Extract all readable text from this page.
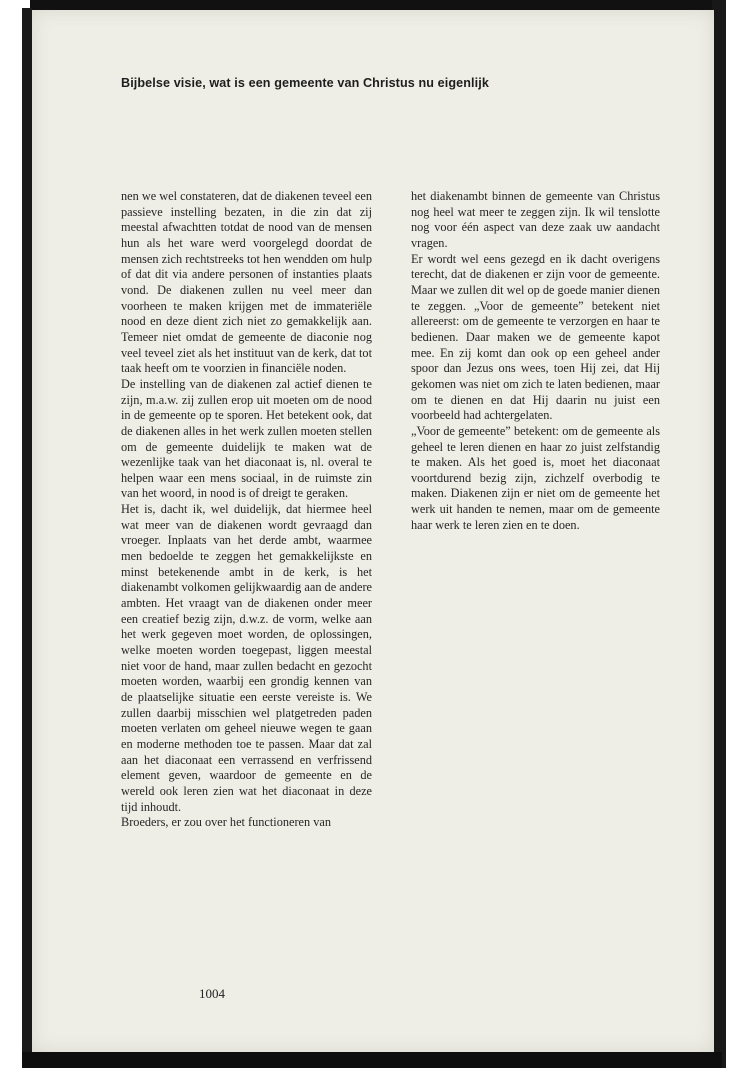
Bijbelse visie, wat is een gemeente van Christus nu eigenlijk

nen we wel constateren, dat de diakenen teveel een passieve instelling bezaten, in die zin dat zij meestal afwachtten totdat de nood van de mensen hun als het ware werd voorgelegd doordat de mensen zich rechtstreeks tot hen wendden om hulp of dat dit via andere personen of instanties plaats vond. De diakenen zullen nu veel meer dan voorheen te maken krijgen met de immateriële nood en deze dient zich niet zo gemakkelijk aan. Temeer niet omdat de gemeente de diaconie nog veel teveel ziet als het instituut van de kerk, dat tot taak heeft om te voorzien in financiële noden.

De instelling van de diakenen zal actief dienen te zijn, m.a.w. zij zullen erop uit moeten om de nood in de gemeente op te sporen. Het betekent ook, dat de diakenen alles in het werk zullen moeten stellen om de gemeente duidelijk te maken wat de wezenlijke taak van het diaconaat is, nl. overal te helpen waar een mens sociaal, in de ruimste zin van het woord, in nood is of dreigt te geraken.

Het is, dacht ik, wel duidelijk, dat hiermee heel wat meer van de diakenen wordt gevraagd dan vroeger. Inplaats van het derde ambt, waarmee men bedoelde te zeggen het gemakkelijkste en minst betekenende ambt in de kerk, is het diakenambt volkomen gelijkwaardig aan de andere ambten. Het vraagt van de diakenen onder meer een creatief bezig zijn, d.w.z. de vorm, welke aan het werk gegeven moet worden, de oplossingen, welke moeten worden toegepast, liggen meestal niet voor de hand, maar zullen bedacht en gezocht moeten worden, waarbij een grondig kennen van de plaatselijke situatie een eerste vereiste is. We zullen daarbij misschien wel platgetreden paden moeten verlaten om geheel nieuwe wegen te gaan en moderne methoden toe te passen. Maar dat zal aan het diaconaat een verrassend en verfrissend element geven, waardoor de gemeente en de wereld ook leren zien wat het diaconaat in deze tijd inhoudt.

Broeders, er zou over het functioneren van

het diakenambt binnen de gemeente van Christus nog heel wat meer te zeggen zijn. Ik wil tenslotte nog voor één aspect van deze zaak uw aandacht vragen.

Er wordt wel eens gezegd en ik dacht overigens terecht, dat de diakenen er zijn voor de gemeente. Maar we zullen dit wel op de goede manier dienen te zeggen. „Voor de gemeente” betekent niet allereerst: om de gemeente te verzorgen en haar te bedienen. Daar maken we de gemeente kapot mee. En zij komt dan ook op een geheel ander spoor dan Jezus ons wees, toen Hij zei, dat Hij gekomen was niet om zich te laten bedienen, maar om te dienen en dat Hij daarin nu juist een voorbeeld had achtergelaten.

„Voor de gemeente” betekent: om de gemeente als geheel te leren dienen en haar zo juist zelfstandig te maken. Als het goed is, moet het diaconaat voortdurend bezig zijn, zichzelf overbodig te maken. Diakenen zijn er niet om de gemeente het werk uit handen te nemen, maar om de gemeente haar werk te leren zien en te doen.

1004
